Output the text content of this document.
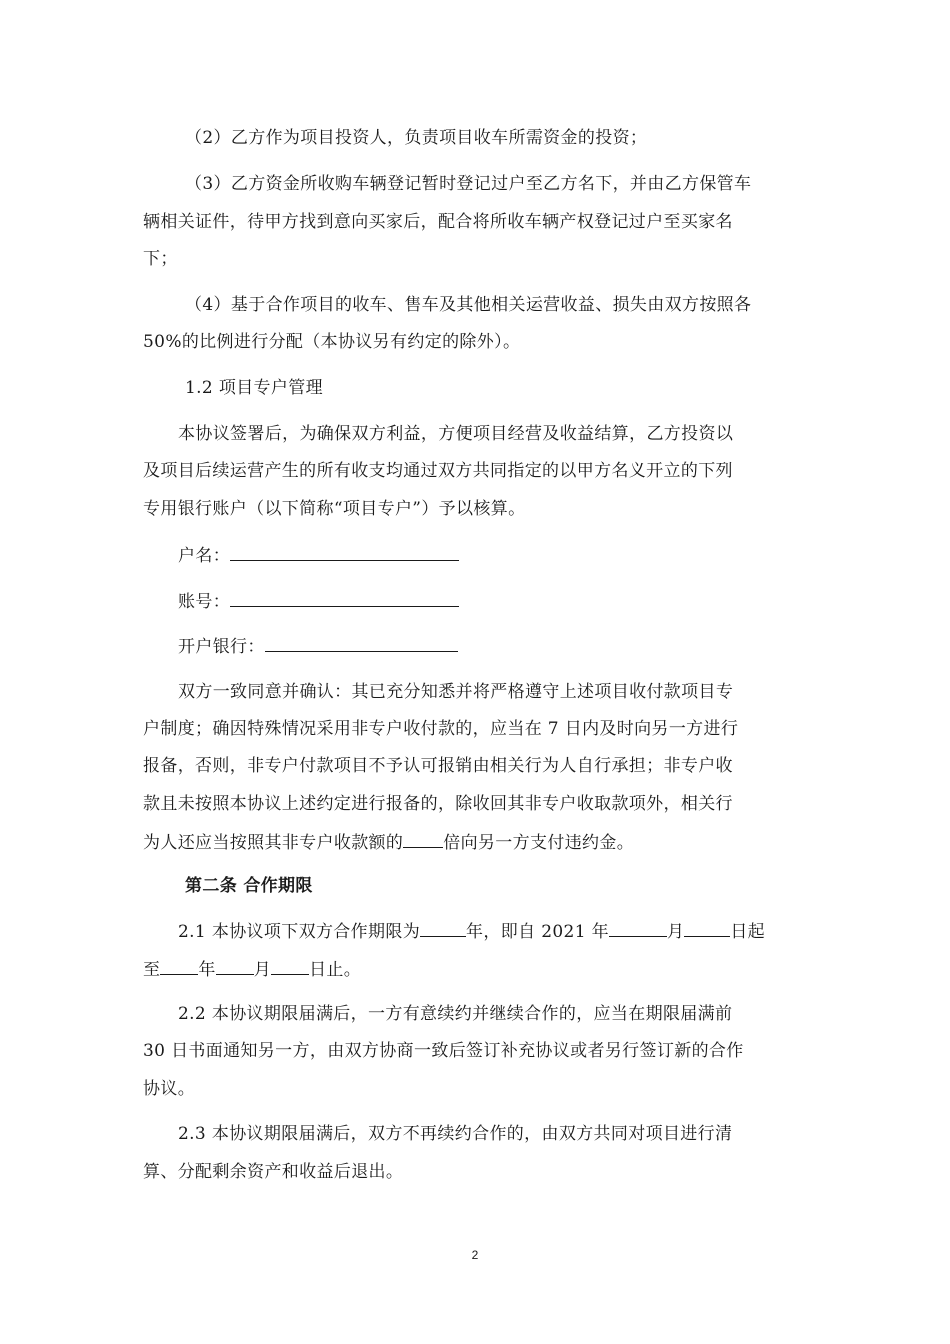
（2）乙方作为项目投资人，负责项目收车所需资金的投资；
（3）乙方资金所收购车辆登记暂时登记过户至乙方名下，并由乙方保管车
辆相关证件，待甲方找到意向买家后，配合将所收车辆产权登记过户至买家名
下；
（4）基于合作项目的收车、售车及其他相关运营收益、损失由双方按照各
50%的比例进行分配（本协议另有约定的除外）。
1.2 项目专户管理
本协议签署后，为确保双方利益，方便项目经营及收益结算，乙方投资以
及项目后续运营产生的所有收支均通过双方共同指定的以甲方名义开立的下列
专用银行账户（以下简称“项目专户”）予以核算。
户名：
账号：
开户银行：
双方一致同意并确认：其已充分知悉并将严格遵守上述项目收付款项目专
户制度；确因特殊情况采用非专户收付款的，应当在 7 日内及时向另一方进行
报备，否则，非专户付款项目不予认可报销由相关行为人自行承担；非专户收
款且未按照本协议上述约定进行报备的，除收回其非专户收取款项外，相关行
为人还应当按照其非专户收款额的 倍向另一方支付违约金。
第二条 合作期限
2.1 本协议项下双方合作期限为	年，即自 2021 年	月	日起
至 年 月 日止。
2.2 本协议期限届满后，一方有意续约并继续合作的，应当在期限届满前
30 日书面通知另一方，由双方协商一致后签订补充协议或者另行签订新的合作
协议。
2.3 本协议期限届满后，双方不再续约合作的，由双方共同对项目进行清
算、分配剩余资产和收益后退出。
2
